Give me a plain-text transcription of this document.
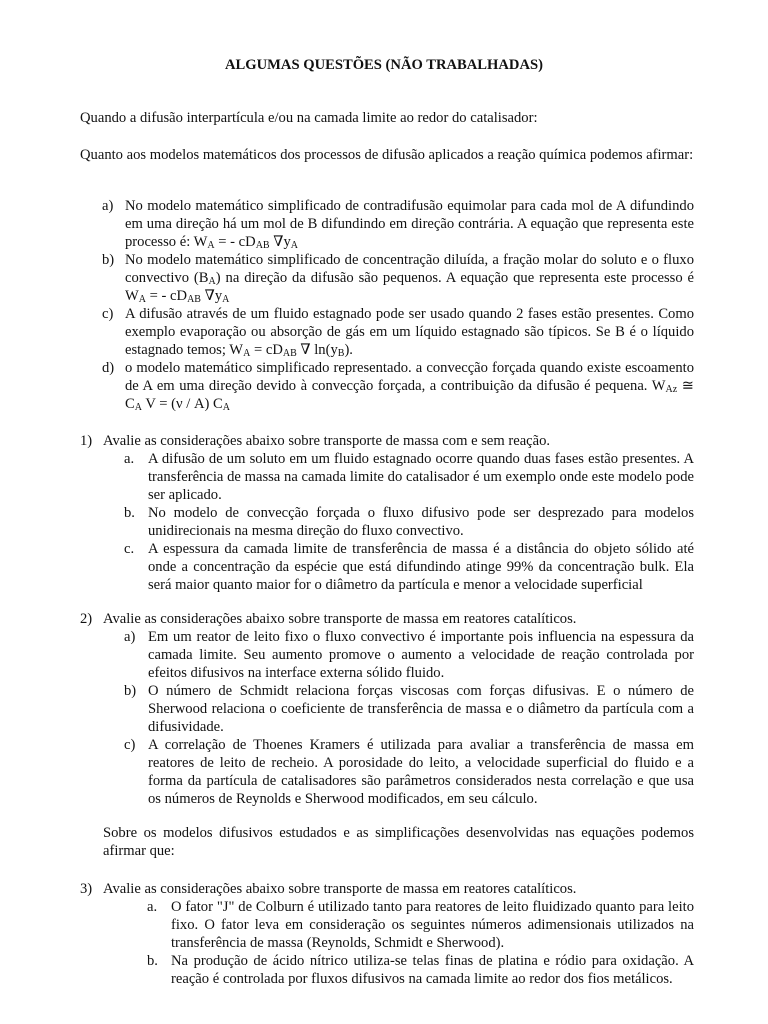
ALGUMAS QUESTÕES (NÃO TRABALHADAS)
Quando a difusão interpartícula e/ou na camada limite ao redor do catalisador:
Quanto aos modelos matemáticos dos processos de difusão aplicados a reação química podemos afirmar:
a) No modelo matemático simplificado de contradifusão equimolar para cada mol de A difundindo em uma direção há um mol de B difundindo em direção contrária. A equação que representa este processo é: $W_A$ = - $cD_{AB}$ $\nabla y_A$
b) No modelo matemático simplificado de concentração diluída, a fração molar do soluto e o fluxo convectivo $(B_A)$ na direção da difusão são pequenos. A equação que representa este processo é $W_A$ = - $cD_{AB}$ $\nabla y_A$
c) A difusão através de um fluido estagnado pode ser usado quando 2 fases estão presentes. Como exemplo evaporação ou absorção de gás em um líquido estagnado são típicos. Se B é o líquido estagnado temos; $W_A = cD_{AB}$ ∇ $\ln(y_B)$.
d) o modelo matemático simplificado representado. a convecção forçada quando existe escoamento de A em uma direção devido à convecção forçada, a contribuição da difusão é pequena. $W_{Az}$ ≅ $C_A$ V = (ν / A) $C_A$
1) Avalie as considerações abaixo sobre transporte de massa com e sem reação.
a. A difusão de um soluto em um fluido estagnado ocorre quando duas fases estão presentes. A transferência de massa na camada limite do catalisador é um exemplo onde este modelo pode ser aplicado.
b. No modelo de convecção forçada o fluxo difusivo pode ser desprezado para modelos unidirecionais na mesma direção do fluxo convectivo.
c. A espessura da camada limite de transferência de massa é a distância do objeto sólido até onde a concentração da espécie que está difundindo atinge 99% da concentração bulk. Ela será maior quanto maior for o diâmetro da partícula e menor a velocidade superficial
2) Avalie as considerações abaixo sobre transporte de massa em reatores catalíticos.
a) Em um reator de leito fixo o fluxo convectivo é importante pois influencia na espessura da camada limite. Seu aumento promove o aumento a velocidade de reação controlada por efeitos difusivos na interface externa sólido fluido.
b) O número de Schmidt relaciona forças viscosas com forças difusivas. E o número de Sherwood relaciona o coeficiente de transferência de massa e o diâmetro da partícula com a difusividade.
c) A correlação de Thoenes Kramers é utilizada para avaliar a transferência de massa em reatores de leito de recheio. A porosidade do leito, a velocidade superficial do fluido e a forma da partícula de catalisadores são parâmetros considerados nesta correlação e que usa os números de Reynolds e Sherwood modificados, em seu cálculo.
Sobre os modelos difusivos estudados e as simplificações desenvolvidas nas equações podemos afirmar que:
3) Avalie as considerações abaixo sobre transporte de massa em reatores catalíticos.
a. O fator "J" de Colburn é utilizado tanto para reatores de leito fluidizado quanto para leito fixo. O fator leva em consideração os seguintes números adimensionais utilizados na transferência de massa (Reynolds, Schmidt e Sherwood).
b. Na produção de ácido nítrico utiliza-se telas finas de platina e ródio para oxidação. A reação é controlada por fluxos difusivos na camada limite ao redor dos fios metálicos.
